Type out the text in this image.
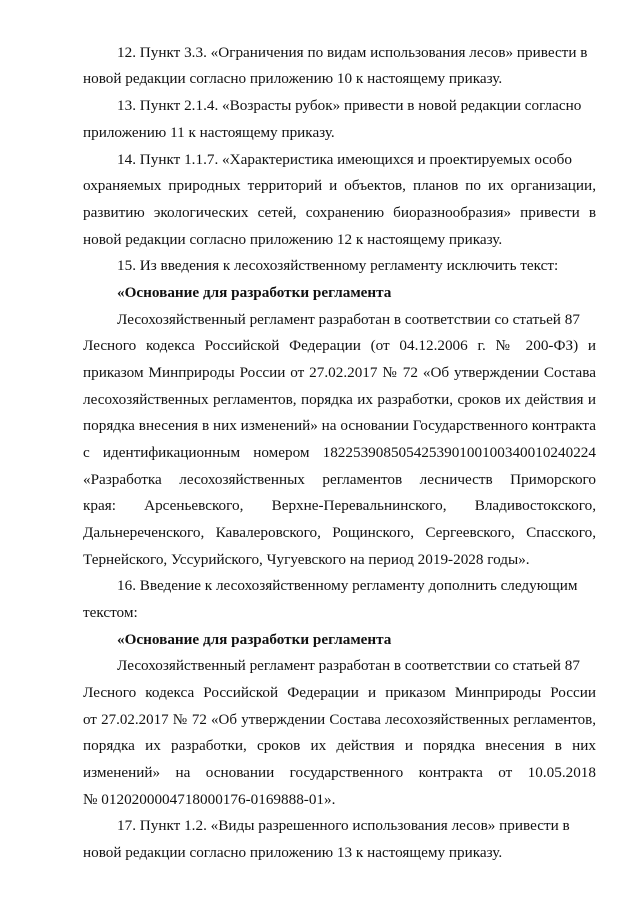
12. Пункт 3.3. «Ограничения по видам использования лесов» привести в
новой редакции согласно приложению 10 к настоящему приказу.
13. Пункт 2.1.4. «Возрасты рубок» привести в новой редакции согласно
приложению 11 к настоящему приказу.
14. Пункт 1.1.7. «Характеристика имеющихся и проектируемых особо
охраняемых природных территорий и объектов, планов по их организации,
развитию экологических сетей, сохранению биоразнообразия» привести в
новой редакции согласно приложению 12 к настоящему приказу.
15. Из введения к лесохозяйственному регламенту исключить текст:
«Основание для разработки регламента
Лесохозяйственный регламент разработан в соответствии со статьей 87
Лесного кодекса Российской Федерации (от 04.12.2006 г. № 200-ФЗ) и
приказом Минприроды России от 27.02.2017 № 72 «Об утверждении Состава
лесохозяйственных регламентов, порядка их разработки, сроков их действия и
порядка внесения в них изменений» на основании Государственного контракта
с идентификационным номером 182253908505425390100100340010240224
«Разработка лесохозяйственных регламентов лесничеств Приморского
края: Арсеньевского, Верхне-Перевальнинского, Владивостокского,
Дальнереченского, Кавалеровского, Рощинского, Сергеевского, Спасского,
Тернейского, Уссурийского, Чугуевского на период 2019-2028 годы».
16. Введение к лесохозяйственному регламенту дополнить следующим
текстом:
«Основание для разработки регламента
Лесохозяйственный регламент разработан в соответствии со статьей 87
Лесного кодекса Российской Федерации и приказом Минприроды России
от 27.02.2017 № 72 «Об утверждении Состава лесохозяйственных регламентов,
порядка их разработки, сроков их действия и порядка внесения в них
изменений» на основании государственного контракта от 10.05.2018
№ 0120200004718000176-0169888-01».
17. Пункт 1.2. «Виды разрешенного использования лесов» привести в
новой редакции согласно приложению 13 к настоящему приказу.
